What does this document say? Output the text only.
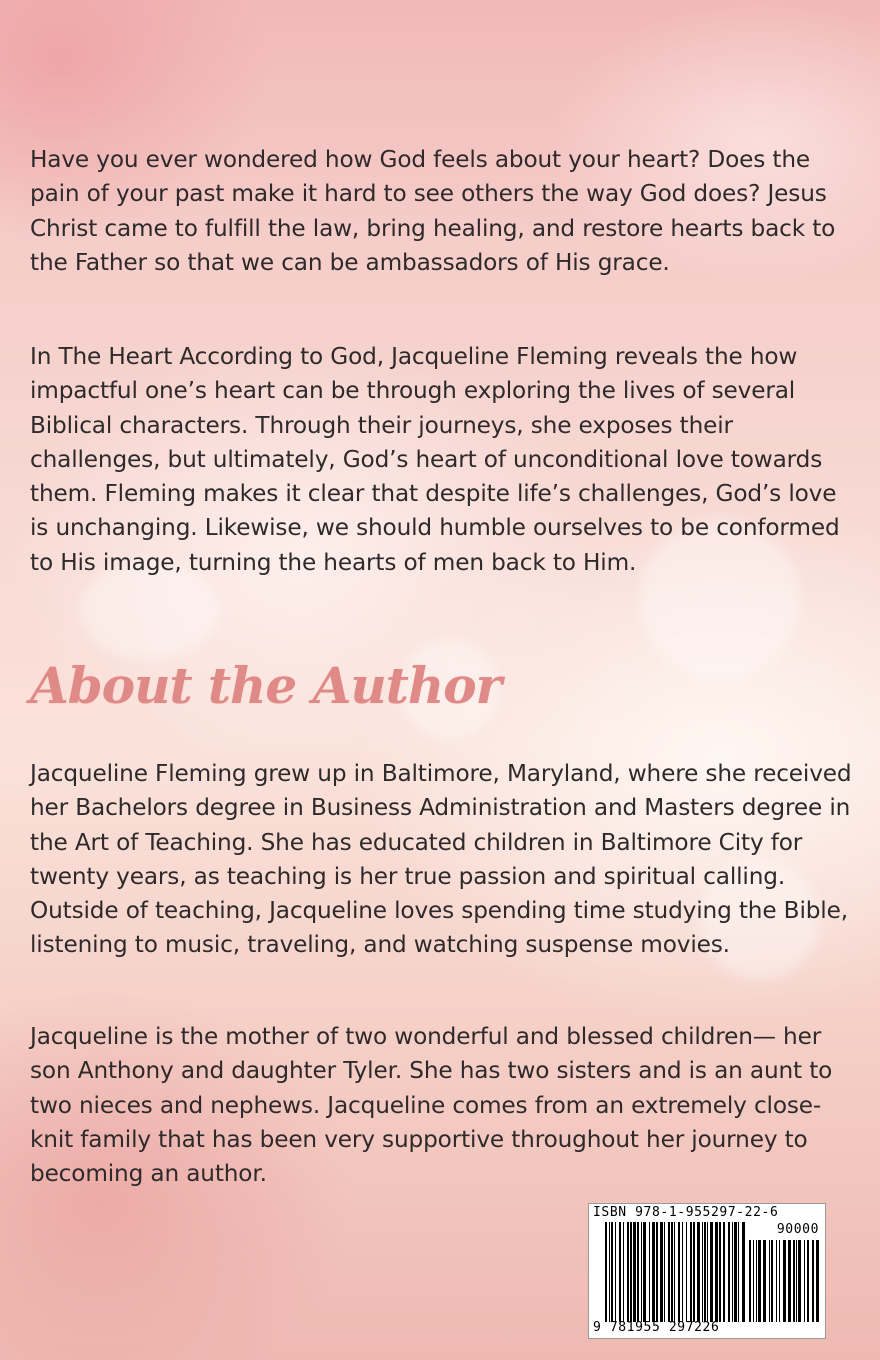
Have you ever wondered how God feels about your heart? Does the pain of your past make it hard to see others the way God does? Jesus Christ came to fulfill the law, bring healing, and restore hearts back to the Father so that we can be ambassadors of His grace.

In The Heart According to God, Jacqueline Fleming reveals the how impactful one’s heart can be through exploring the lives of several Biblical characters. Through their journeys, she exposes their challenges, but ultimately, God’s heart of unconditional love towards them. Fleming makes it clear that despite life’s challenges, God’s love is unchanging. Likewise, we should humble ourselves to be conformed to His image, turning the hearts of men back to Him.

About the Author

Jacqueline Fleming grew up in Baltimore, Maryland, where she received her Bachelors degree in Business Administration and Masters degree in the Art of Teaching. She has educated children in Baltimore City for twenty years, as teaching is her true passion and spiritual calling. Outside of teaching, Jacqueline loves spending time studying the Bible, listening to music, traveling, and watching suspense movies.

Jacqueline is the mother of two wonderful and blessed children— her son Anthony and daughter Tyler. She has two sisters and is an aunt to two nieces and nephews. Jacqueline comes from an extremely close-knit family that has been very supportive throughout her journey to becoming an author.

ISBN 978-1-955297-22-6
90000
9 781955 297226
